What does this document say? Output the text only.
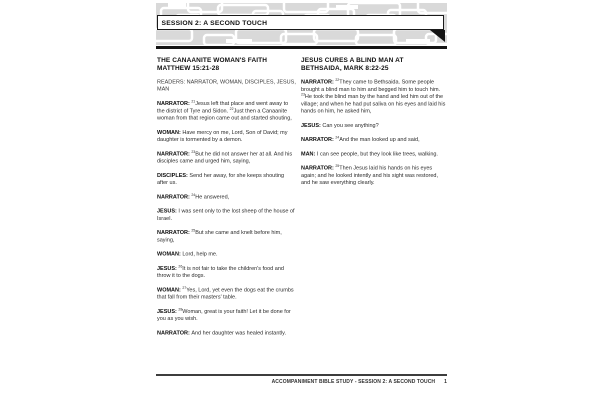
SESSION 2: A SECOND TOUCH
THE CANAANITE WOMAN'S FAITH
MATTHEW 15:21-28

READERS: NARRATOR, WOMAN, DISCIPLES, JESUS, MAN

NARRATOR: $^{21}$Jesus left that place and went away to the district of Tyre and Sidon. $^{22}$Just then a Canaanite woman from that region came out and started shouting,

WOMAN: Have mercy on me, Lord, Son of David; my daughter is tormented by a demon.

NARRATOR: $^{23}$But he did not answer her at all. And his disciples came and urged him, saying,

DISCIPLES: Send her away, for she keeps shouting after us.

NARRATOR: $^{24}$He answered,

JESUS: I was sent only to the lost sheep of the house of Israel.

NARRATOR: $^{25}$But she came and knelt before him, saying,

WOMAN: Lord, help me.

JESUS: $^{26}$It is not fair to take the children's food and throw it to the dogs.

WOMAN: $^{27}$Yes, Lord, yet even the dogs eat the crumbs that fall from their masters' table.

JESUS: $^{28}$Woman, great is your faith! Let it be done for you as you wish.

NARRATOR: And her daughter was healed instantly.

JESUS CURES A BLIND MAN AT
BETHSAIDA, MARK 8:22-25

NARRATOR: $^{22}$They came to Bethsaida. Some people brought a blind man to him and begged him to touch him. $^{23}$He took the blind man by the hand and led him out of the village; and when he had put saliva on his eyes and laid his hands on him, he asked him,

JESUS: Can you see anything?

NARRATOR: $^{24}$And the man looked up and said,

MAN: I can see people, but they look like trees, walking.

NARRATOR: $^{25}$Then Jesus laid his hands on his eyes again; and he looked intently and his sight was restored, and he saw everything clearly.

ACCOMPANIMENT BIBLE STUDY - SESSION 2: A SECOND TOUCH 1
